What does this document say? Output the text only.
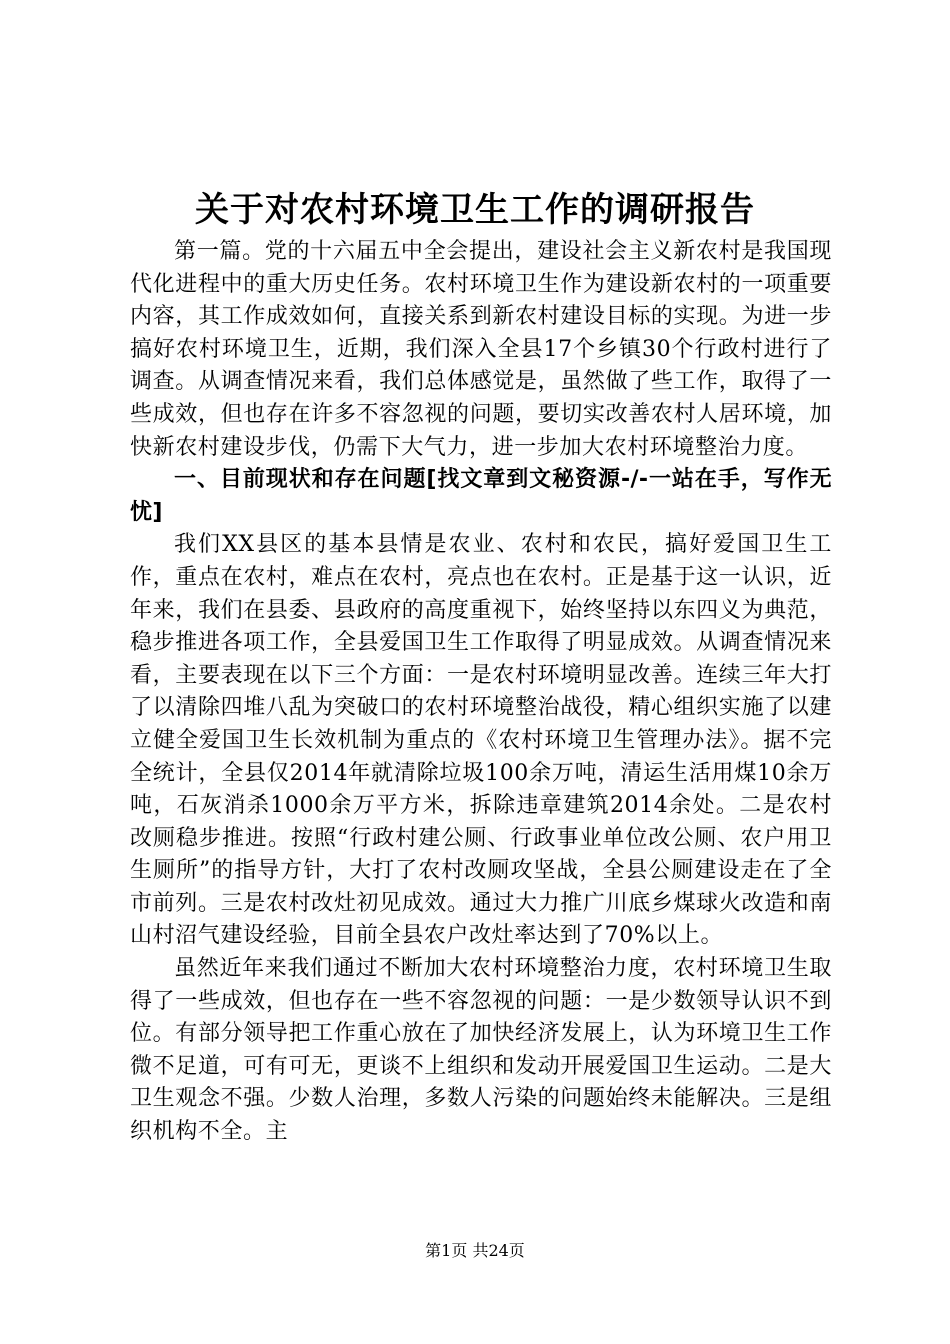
关于对农村环境卫生工作的调研报告

第一篇。党的十六届五中全会提出，建设社会主义新农村是我国现代化进程中的重大历史任务。农村环境卫生作为建设新农村的一项重要内容，其工作成效如何，直接关系到新农村建设目标的实现。为进一步搞好农村环境卫生，近期，我们深入全县17个乡镇30个行政村进行了调查。从调查情况来看，我们总体感觉是，虽然做了些工作，取得了一些成效，但也存在许多不容忽视的问题，要切实改善农村人居环境，加快新农村建设步伐，仍需下大气力，进一步加大农村环境整治力度。

一、目前现状和存在问题[找文章到文秘资源-/-一站在手，写作无忧]

我们XX县区的基本县情是农业、农村和农民，搞好爱国卫生工作，重点在农村，难点在农村，亮点也在农村。正是基于这一认识，近年来，我们在县委、县政府的高度重视下，始终坚持以东四义为典范，稳步推进各项工作，全县爱国卫生工作取得了明显成效。从调查情况来看，主要表现在以下三个方面：一是农村环境明显改善。连续三年大打了以清除四堆八乱为突破口的农村环境整治战役，精心组织实施了以建立健全爱国卫生长效机制为重点的《农村环境卫生管理办法》。据不完全统计，全县仅2014年就清除垃圾100余万吨，清运生活用煤10余万吨，石灰消杀1000余万平方米，拆除违章建筑2014余处。二是农村改厕稳步推进。按照“行政村建公厕、行政事业单位改公厕、农户用卫生厕所”的指导方针，大打了农村改厕攻坚战，全县公厕建设走在了全市前列。三是农村改灶初见成效。通过大力推广川底乡煤球火改造和南山村沼气建设经验，目前全县农户改灶率达到了70%以上。

虽然近年来我们通过不断加大农村环境整治力度，农村环境卫生取得了一些成效，但也存在一些不容忽视的问题：一是少数领导认识不到位。有部分领导把工作重心放在了加快经济发展上，认为环境卫生工作微不足道，可有可无，更谈不上组织和发动开展爱国卫生运动。二是大卫生观念不强。少数人治理，多数人污染的问题始终未能解决。三是组织机构不全。主

第1页 共24页
